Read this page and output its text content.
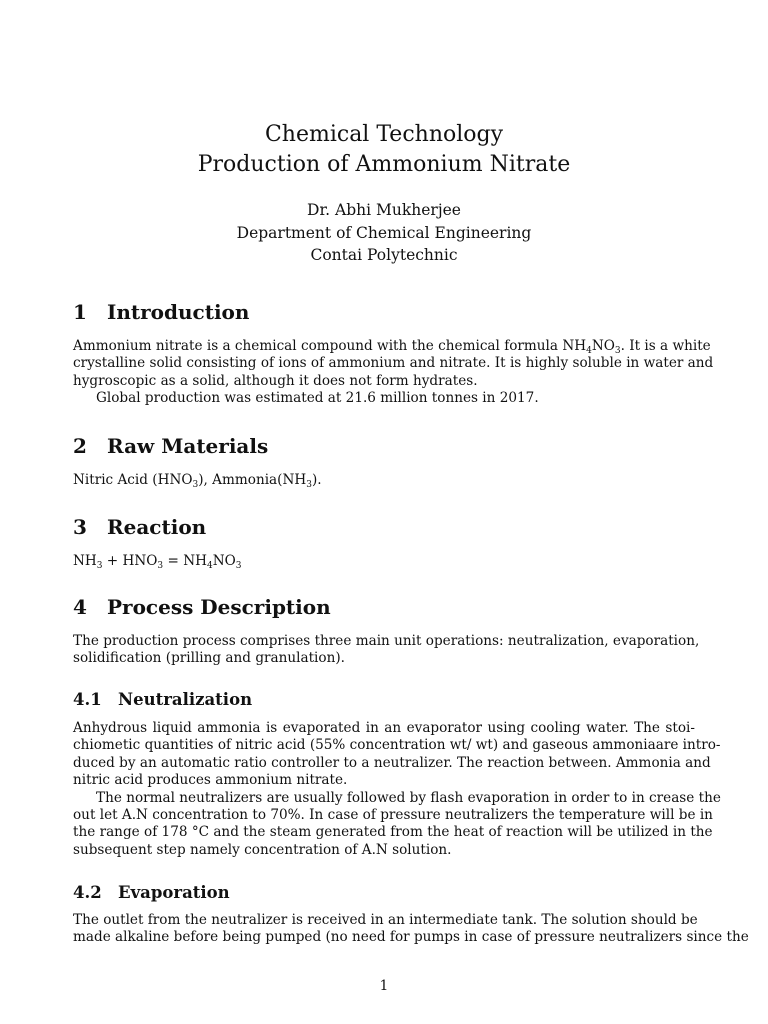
Chemical Technology
Production of Ammonium Nitrate
Dr. Abhi Mukherjee
Department of Chemical Engineering
Contai Polytechnic
1 Introduction
Ammonium nitrate is a chemical compound with the chemical formula $NH_4NO_3$. It is a white
crystalline solid consisting of ions of ammonium and nitrate. It is highly soluble in water and
hygroscopic as a solid, although it does not form hydrates.
Global production was estimated at 21.6 million tonnes in 2017.
2 Raw Materials
Nitric Acid $(HNO_3)$, $Ammonia(NH_3)$.
3 Reaction
$NH_3 + HNO_3 = NH_4NO_3$
4 Process Description
The production process comprises three main unit operations: neutralization, evaporation,
solidification (prilling and granulation).
4.1 Neutralization
Anhydrous liquid ammonia is evaporated in an evaporator using cooling water. The stoi-
chiometic quantities of nitric acid (55% concentration wt/ wt) and gaseous ammoniaare intro-
duced by an automatic ratio controller to a neutralizer. The reaction between. Ammonia and
nitric acid produces ammonium nitrate.
The normal neutralizers are usually followed by flash evaporation in order to in crease the
out let A.N concentration to 70%. In case of pressure neutralizers the temperature will be in
the range of 178 °C and the steam generated from the heat of reaction will be utilized in the
subsequent step namely concentration of A.N solution.
4.2 Evaporation
The outlet from the neutralizer is received in an intermediate tank. The solution should be
made alkaline before being pumped (no need for pumps in case of pressure neutralizers since the
1
